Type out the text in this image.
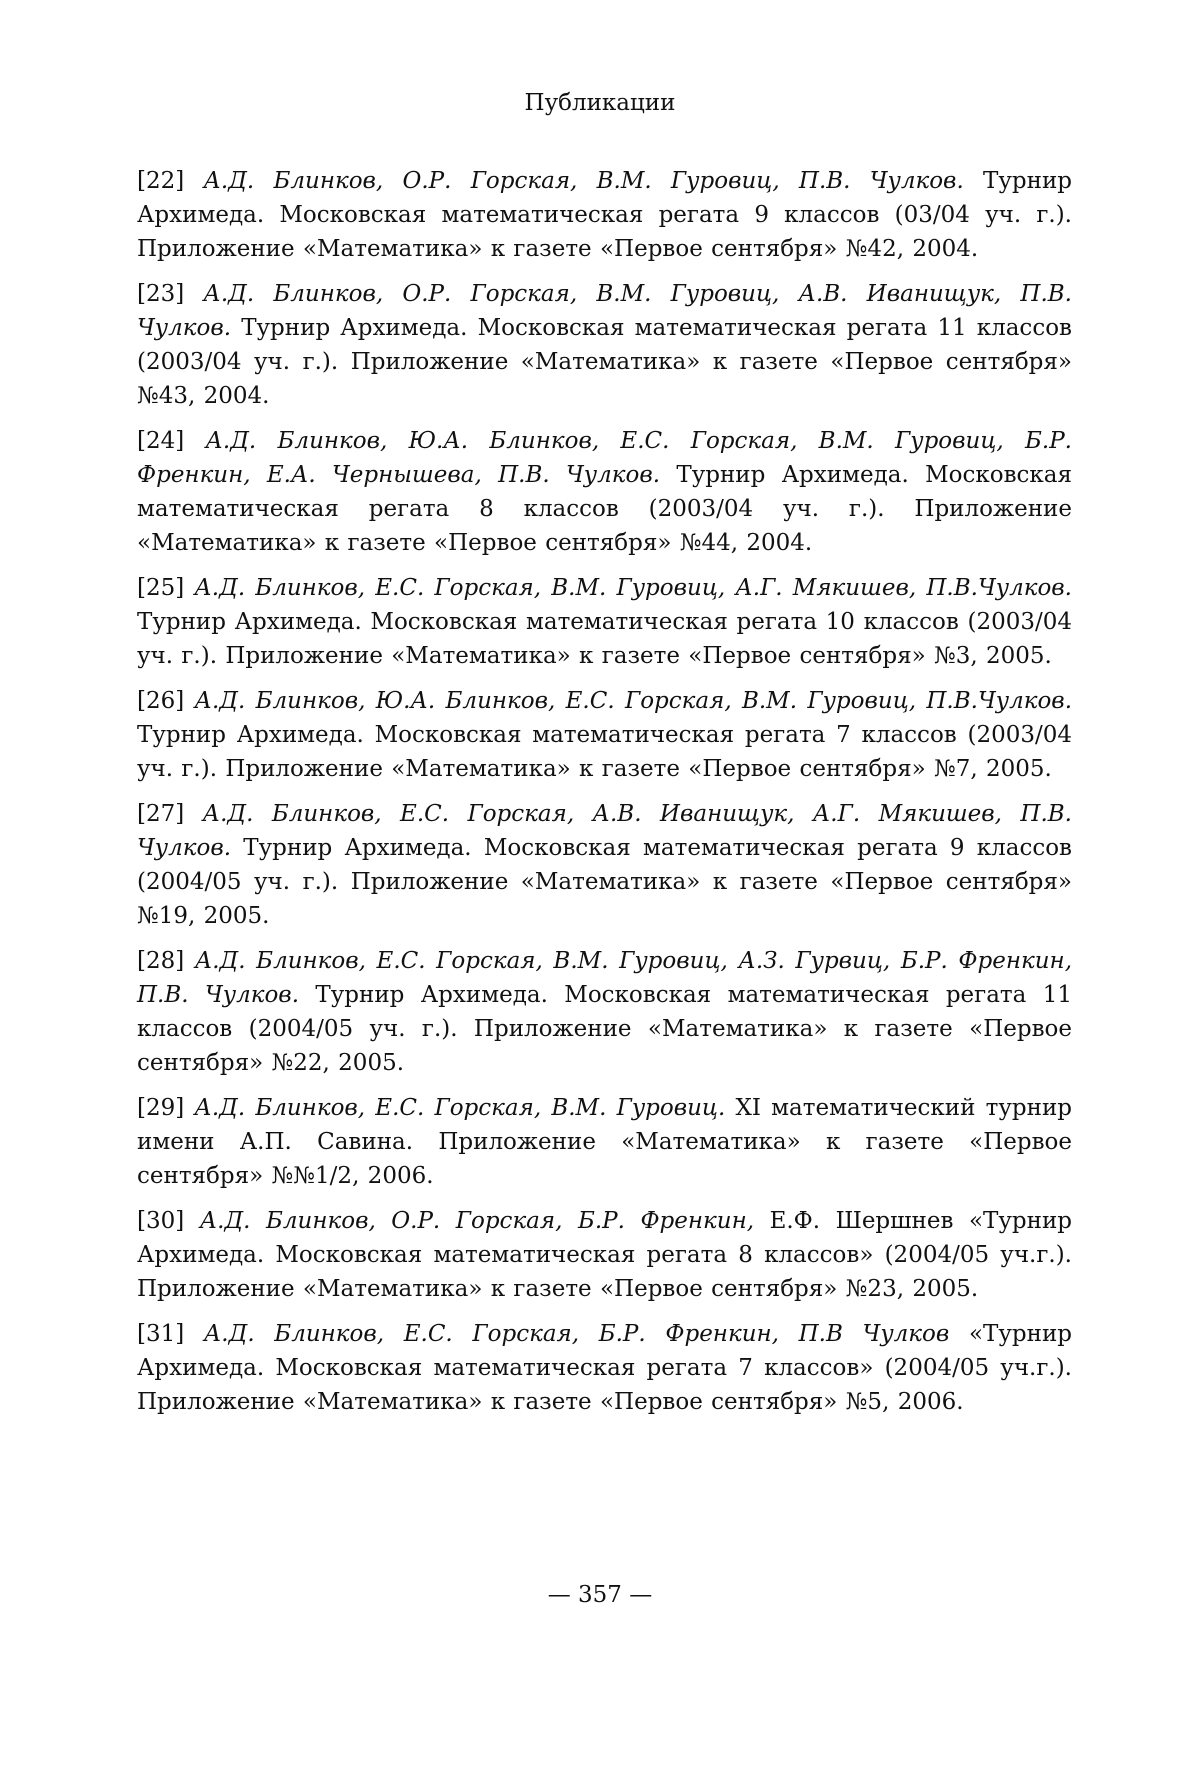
Публикации

[22] А.Д. Блинков, О.Р. Горская, В.М. Гуровиц, П.В. Чулков. Турнир Архимеда. Московская математическая регата 9 классов (03/04 уч. г.). Приложение «Математика» к газете «Первое сентября» №42, 2004.

[23] А.Д. Блинков, О.Р. Горская, В.М. Гуровиц, А.В. Иванищук, П.В. Чулков. Турнир Архимеда. Московская математическая регата 11 классов (2003/04 уч. г.). Приложение «Математика» к газете «Первое сентября» №43, 2004.

[24] А.Д. Блинков, Ю.А. Блинков, Е.С. Горская, В.М. Гуровиц, Б.Р. Френкин, Е.А. Чернышева, П.В. Чулков. Турнир Архимеда. Московская математическая регата 8 классов (2003/04 уч. г.). Приложение «Математика» к газете «Первое сентября» №44, 2004.

[25] А.Д. Блинков, Е.С. Горская, В.М. Гуровиц, А.Г. Мякишев, П.В.Чулков. Турнир Архимеда. Московская математическая регата 10 классов (2003/04 уч. г.). Приложение «Математика» к газете «Первое сентября» №3, 2005.

[26] А.Д. Блинков, Ю.А. Блинков, Е.С. Горская, В.М. Гуровиц, П.В.Чулков. Турнир Архимеда. Московская математическая регата 7 классов (2003/04 уч. г.). Приложение «Математика» к газете «Первое сентября» №7, 2005.

[27] А.Д. Блинков, Е.С. Горская, А.В. Иванищук, А.Г. Мякишев, П.В. Чулков. Турнир Архимеда. Московская математическая регата 9 классов (2004/05 уч. г.). Приложение «Математика» к газете «Первое сентября» №19, 2005.

[28] А.Д. Блинков, Е.С. Горская, В.М. Гуровиц, А.З. Гурвиц, Б.Р. Френкин, П.В. Чулков. Турнир Архимеда. Московская математическая регата 11 классов (2004/05 уч. г.). Приложение «Математика» к газете «Первое сентября» №22, 2005.

[29] А.Д. Блинков, Е.С. Горская, В.М. Гуровиц. XI математический турнир имени А.П. Савина. Приложение «Математика» к газете «Первое сентября» №№1/2, 2006.

[30] А.Д. Блинков, О.Р. Горская, Б.Р. Френкин, Е.Ф. Шершнев «Турнир Архимеда. Московская математическая регата 8 классов» (2004/05 уч.г.). Приложение «Математика» к газете «Первое сентября» №23, 2005.

[31] А.Д. Блинков, Е.С. Горская, Б.Р. Френкин, П.В Чулков «Турнир Архимеда. Московская математическая регата 7 классов» (2004/05 уч.г.). Приложение «Математика» к газете «Первое сентября» №5, 2006.

— 357 —
